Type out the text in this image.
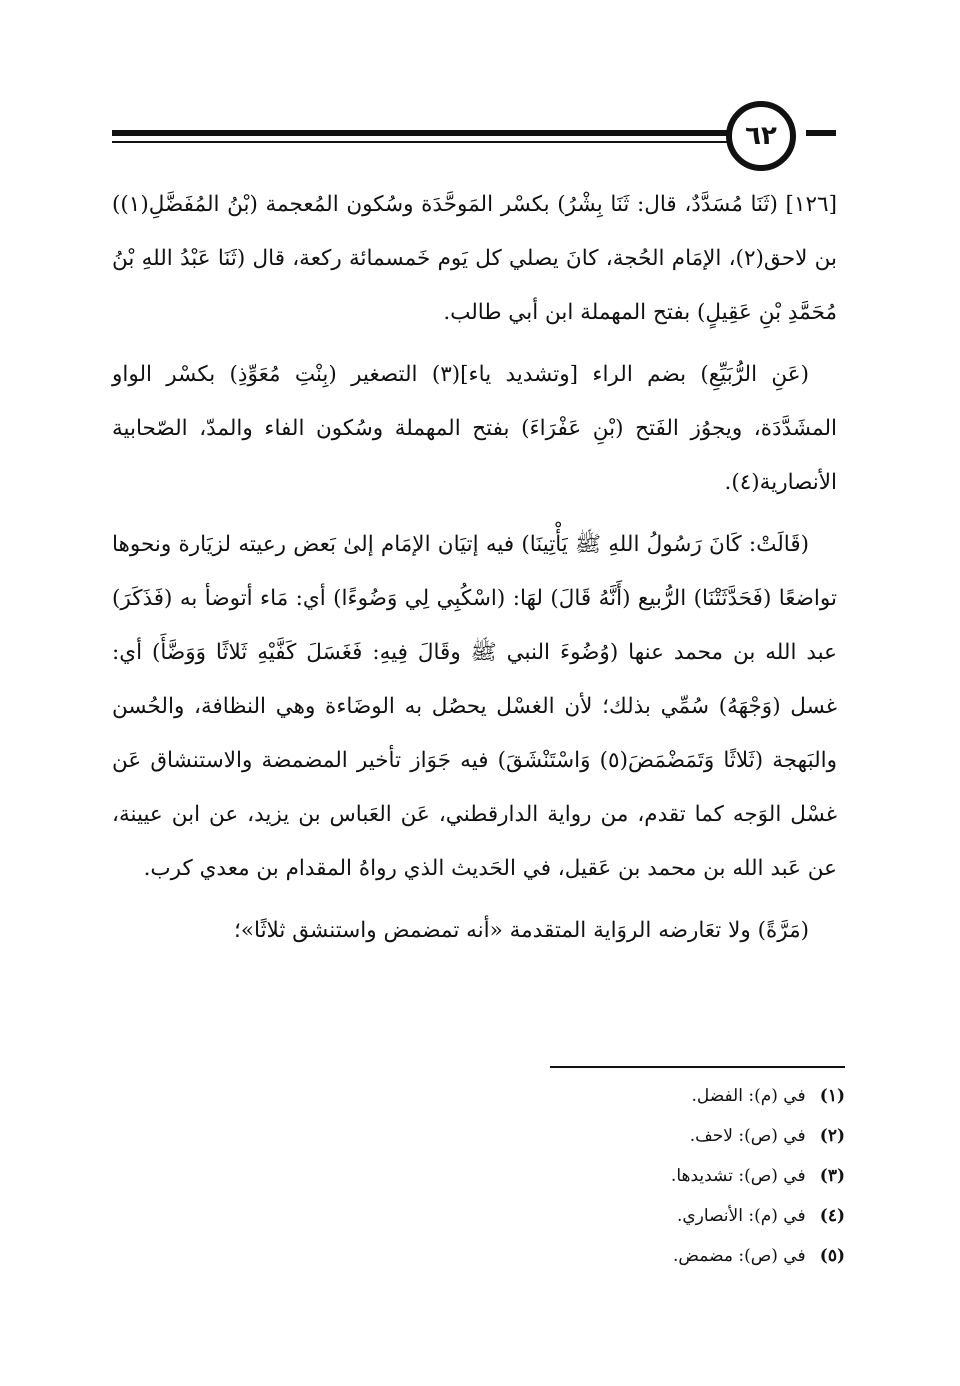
٦٢

[١٢٦] (ثَنَا مُسَدَّدٌ، قال: ثَنَا بِشْرُ) بكسْر المَوحَّدَة وسُكون المُعجمة (بْنُ المُفَضَّلِ(١)) بن لاحق(٢)، الإمَام الحُجة، كانَ يصلي كل يَوم خَمسمائة ركعة، قال (ثَنَا عَبْدُ اللهِ بْنُ مُحَمَّدِ بْنِ عَقِيلٍ) بفتح المهملة ابن أبي طالب.

(عَنِ الرُّبَيِّعِ) بضم الراء [وتشديد ياء](٣) التصغير (بِنْتِ مُعَوِّذِ) بكسْر الواو المشَدَّدَة، ويجوُز الفَتح (بْنِ عَفْرَاءَ) بفتح المهملة وسُكون الفاء والمدّ، الصّحابية الأنصارية(٤).

(قَالَتْ: كَانَ رَسُولُ اللهِ ﷺ يَأْتِينَا) فيه إتيَان الإمَام إلىٰ بَعض رعيته لزيَارة ونحوها تواضعًا (فَحَدَّثَتْنَا) الرُّبيع (أَنَّهُ قَالَ) لهَا: (اسْكُبِي لِي وَضُوءًا) أي: مَاء أتوضأ به (فَذَكَرَ) عبد الله بن محمد عنها (وُضُوءَ النبي ﷺ وقَالَ فِيهِ: فَغَسَلَ كَفَّيْهِ ثَلاثًا وَوَضَّأَ) أي: غسل (وَجْهَهُ) سُمِّي بذلك؛ لأن الغسْل يحصُل به الوضَاءة وهي النظافة، والحُسن والبَهجة (ثَلاثًا وَتَمَضْمَضَ(٥) وَاسْتَنْشَقَ) فيه جَوَاز تأخير المضمضة والاستنشاق عَن غسْل الوَجه كما تقدم، من رواية الدارقطني، عَن العَباس بن يزيد، عن ابن عيينة، عن عَبد الله بن محمد بن عَقيل، في الحَديث الذي رواهُ المقدام بن معدي كرب.

(مَرَّةً) ولا تعَارضه الروَاية المتقدمة «أنه تمضمض واستنشق ثلاثًا»؛

(١) في (م): الفضل.
(٢) في (ص): لاحف.
(٣) في (ص): تشديدها.
(٤) في (م): الأنصاري.
(٥) في (ص): مضمض.
